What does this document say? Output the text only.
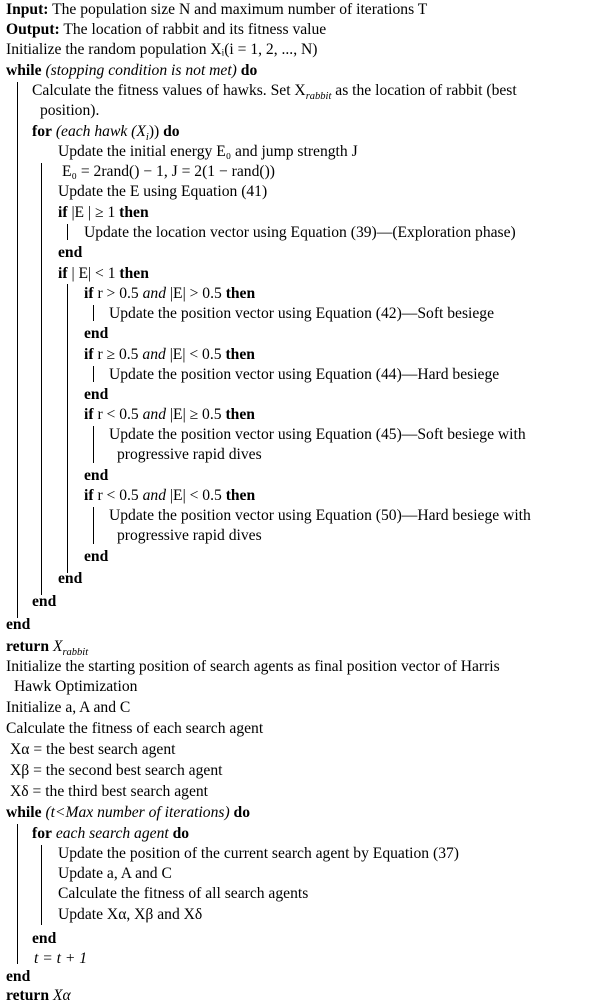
Input: The population size N and maximum number of iterations T
Output: The location of rabbit and its fitness value
Initialize the random population Xᵢ(i = 1, 2, ..., N)
while (stopping condition is not met) do
Calculate the fitness values of hawks. Set $X_{rabbit}$ as the location of rabbit (best
position).
for (each hawk $(X_i)$) do
Update the initial energy E₀ and jump strength J
E₀ = 2rand() − 1, J = 2(1 − rand())
Update the E using Equation (41)
if |E | ≥ 1 then
Update the location vector using Equation (39)—(Exploration phase)
end
if | E| < 1 then
if r > 0.5 and |E| > 0.5 then
Update the position vector using Equation (42)—Soft besiege
end
if r ≥ 0.5 and |E| < 0.5 then
Update the position vector using Equation (44)—Hard besiege
end
if r < 0.5 and |E| ≥ 0.5 then
Update the position vector using Equation (45)—Soft besiege with
progressive rapid dives
end
if r < 0.5 and |E| < 0.5 then
Update the position vector using Equation (50)—Hard besiege with
progressive rapid dives
end
end
end
end
return $X_{rabbit}$
Initialize the starting position of search agents as final position vector of Harris
Hawk Optimization
Initialize a, A and C
Calculate the fitness of each search agent
Xα = the best search agent
Xβ = the second best search agent
Xδ = the third best search agent
while (t<Max number of iterations) do
for each search agent do
Update the position of the current search agent by Equation (37)
Update a, A and C
Calculate the fitness of all search agents
Update Xα, Xβ and Xδ
end
t = t + 1
end
return Xα
